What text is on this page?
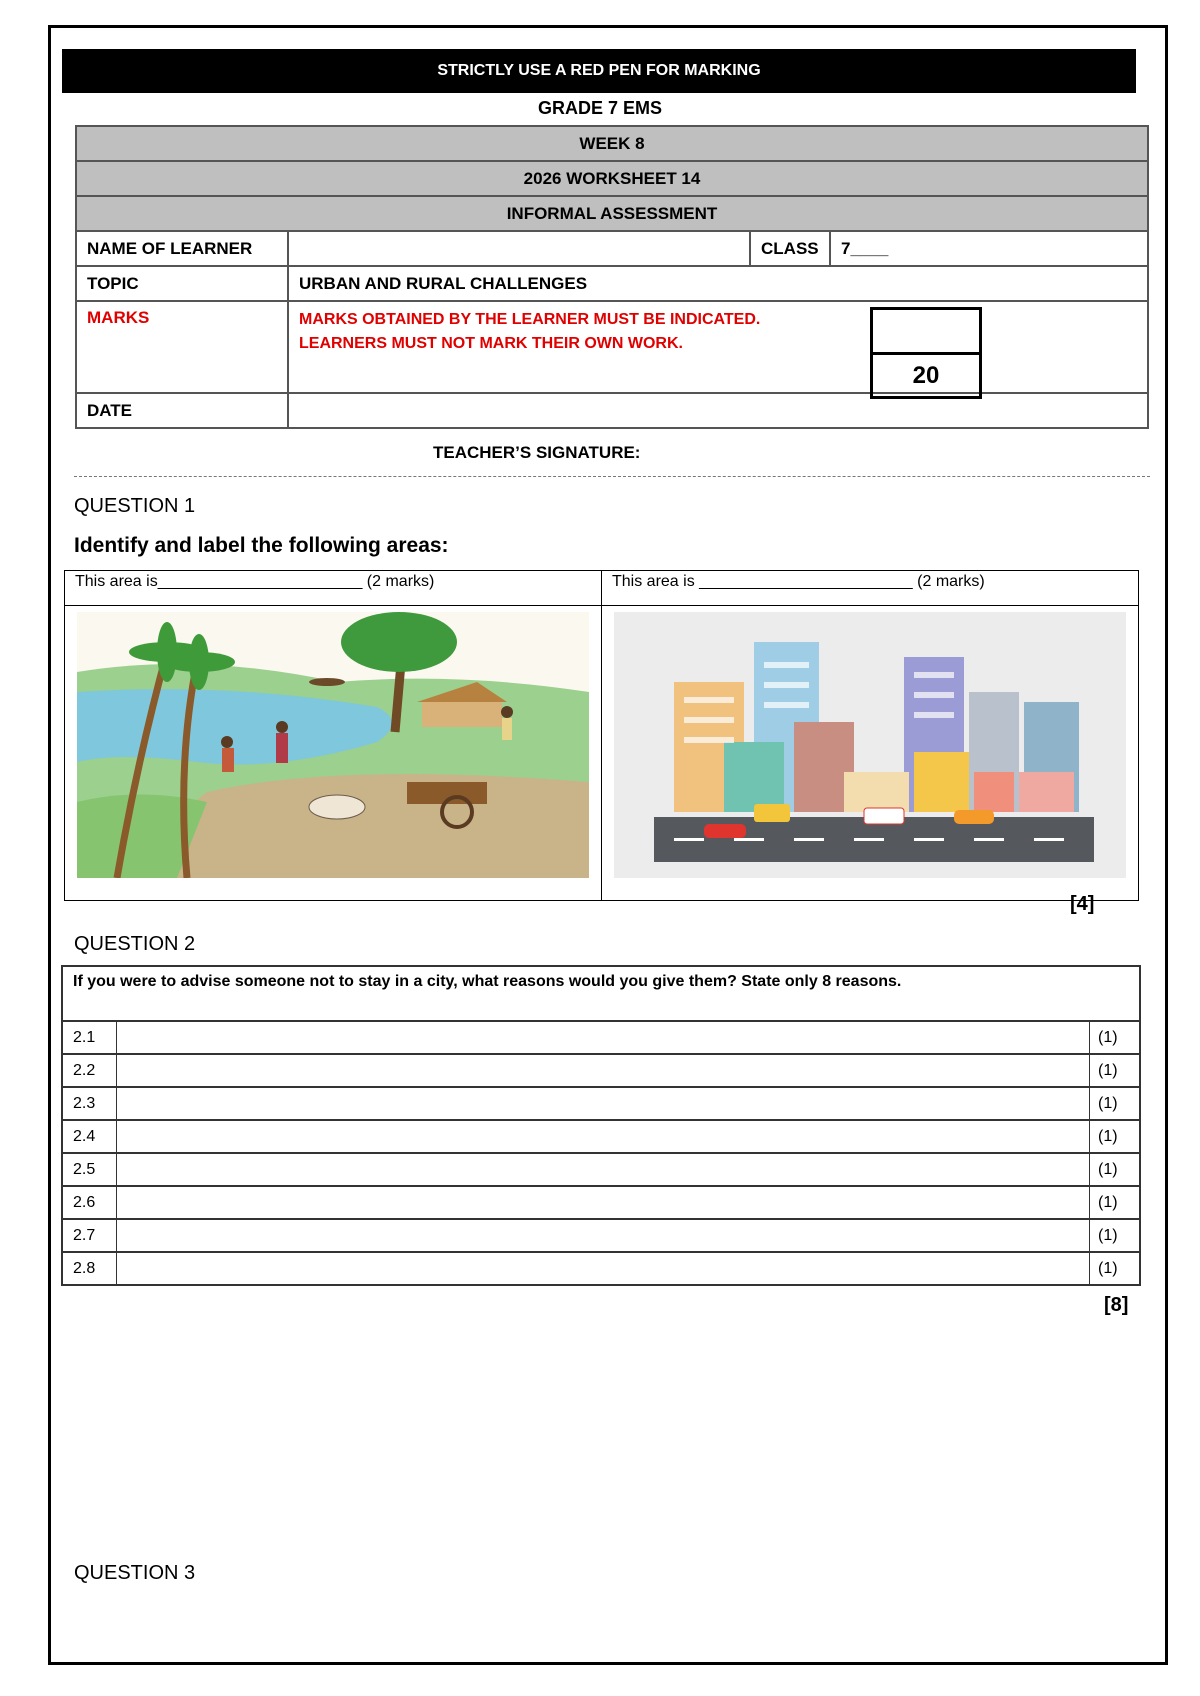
STRICTLY USE A RED PEN FOR MARKING
GRADE 7 EMS
WEEK 8			
2026 WORKSHEET 14			
INFORMAL ASSESSMENT			
NAME OF LEARNER		CLASS	7____
TOPIC	URBAN AND RURAL CHALLENGES		
MARKS	MARKS OBTAINED BY THE LEARNER MUST BE INDICATED.
LEARNERS MUST NOT MARK THEIR OWN WORK.		

DATE			
20
TEACHER’S SIGNATURE:
QUESTION 1
Identify and label the following areas:
This area is_______________________ (2 marks)	This area is ________________________ (2 marks)

[4]
QUESTION 2
If you were to advise someone not to stay in a city, what reasons would you give them? State only 8 reasons.		
2.1		(1)
2.2		(1)
2.3		(1)
2.4		(1)
2.5		(1)
2.6		(1)
2.7		(1)
2.8		(1)
[8]
QUESTION 3
